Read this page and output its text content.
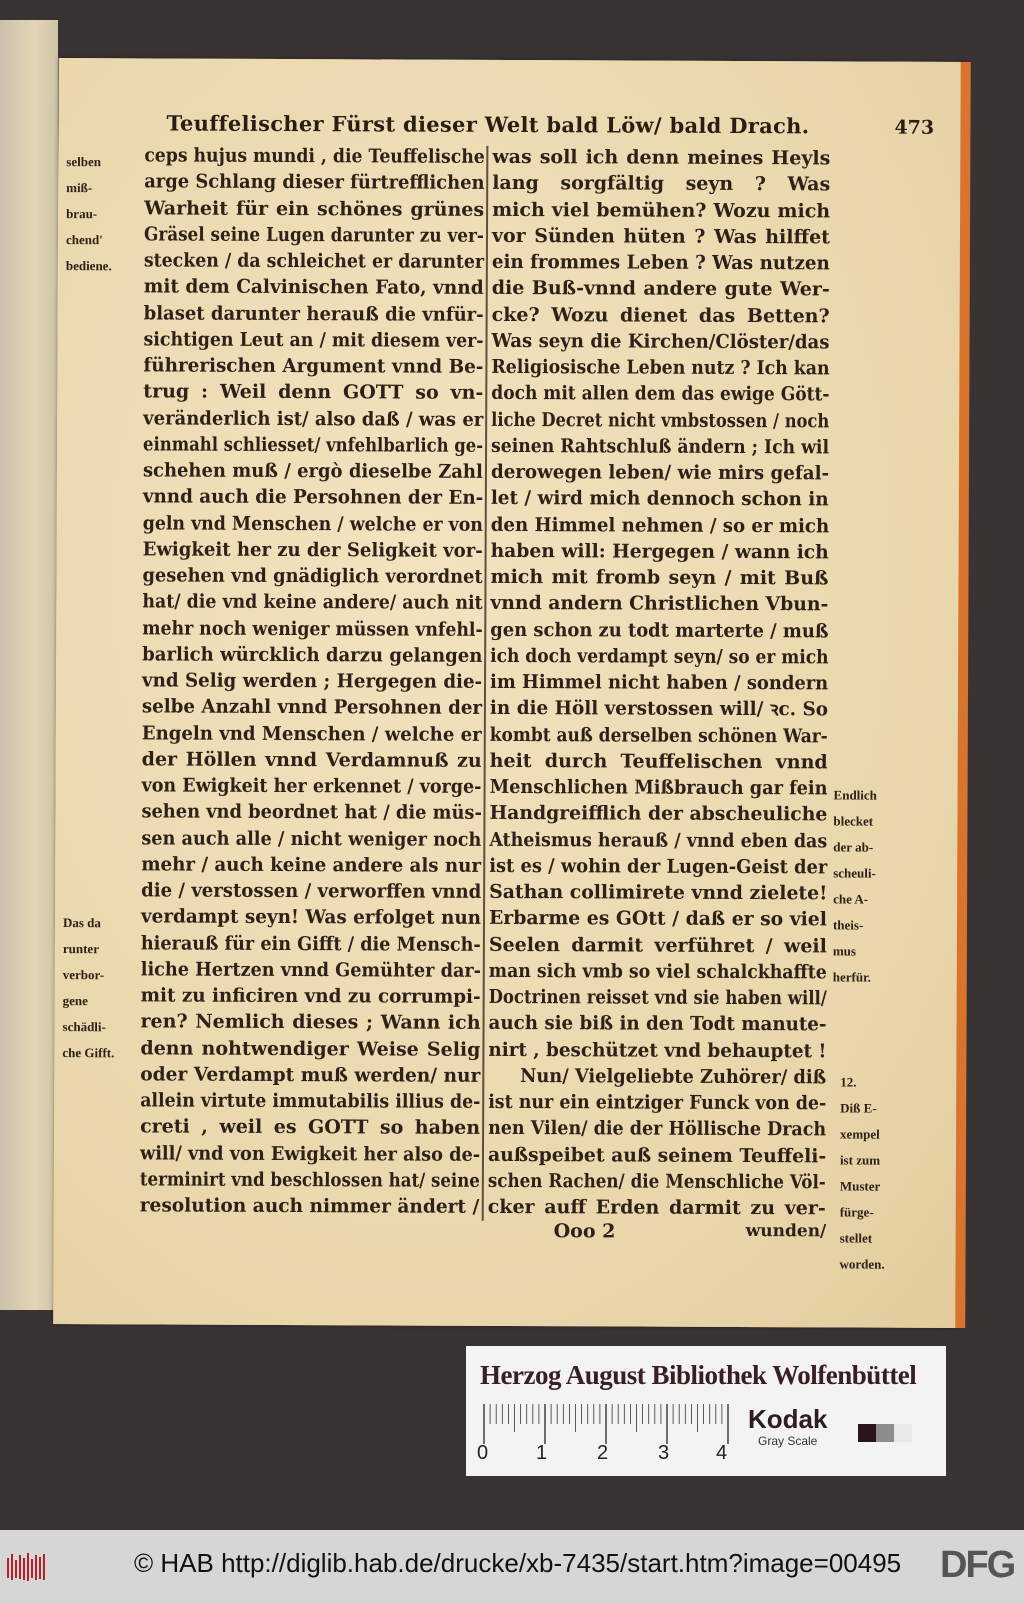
Teuffelischer Fürst dieser Welt bald Löw/ bald Drach.	473
selben
miß-
brau-
chend'
bediene.
Das da
runter
verbor-
gene
schädli-
che Gifft.
Endlich
blecket
der ab-
scheuli-
che A-
theis-
mus
herfür.
12.
Diß E-
xempel
ist zum
Muster
fürge-
stellet
worden.
ceps hujus mundi , die Teuffelische
arge Schlang dieser fürtrefflichen
Warheit für ein schönes grünes
Gräsel seine Lugen darunter zu ver-
stecken / da schleichet er darunter
mit dem Calvinischen Fato, vnnd
blaset darunter herauß die vnfür-
sichtigen Leut an / mit diesem ver-
führerischen Argument vnnd Be-
trug : Weil denn GOTT so vn-
veränderlich ist/ also daß / was er
einmahl schliesset/ vnfehlbarlich ge-
schehen muß / ergò dieselbe Zahl
vnnd auch die Persohnen der En-
geln vnd Menschen / welche er von
Ewigkeit her zu der Seligkeit vor-
gesehen vnd gnädiglich verordnet
hat/ die vnd keine andere/ auch nit
mehr noch weniger müssen vnfehl-
barlich würcklich darzu gelangen
vnd Selig werden ; Hergegen die-
selbe Anzahl vnnd Persohnen der
Engeln vnd Menschen / welche er
der Höllen vnnd Verdamnuß zu
von Ewigkeit her erkennet / vorge-
sehen vnd beordnet hat / die müs-
sen auch alle / nicht weniger noch
mehr / auch keine andere als nur
die / verstossen / verworffen vnnd
verdampt seyn! Was erfolget nun
hierauß für ein Gifft / die Mensch-
liche Hertzen vnnd Gemühter dar-
mit zu inficiren vnd zu corrumpi-
ren? Nemlich dieses ; Wann ich
denn nohtwendiger Weise Selig
oder Verdampt muß werden/ nur
allein virtute immutabilis illius de-
creti , weil es GOTT so haben
will/ vnd von Ewigkeit her also de-
terminirt vnd beschlossen hat/ seine
resolution auch nimmer ändert /
was soll ich denn meines Heyls
lang sorgfältig seyn ? Was
mich viel bemühen? Wozu mich
vor Sünden hüten ? Was hilffet
ein frommes Leben ? Was nutzen
die Buß-vnnd andere gute Wer-
cke? Wozu dienet das Betten?
Was seyn die Kirchen/Clöster/das
Religiosische Leben nutz ? Ich kan
doch mit allen dem das ewige Gött-
liche Decret nicht vmbstossen / noch
seinen Rahtschluß ändern ; Ich wil
derowegen leben/ wie mirs gefal-
let / wird mich dennoch schon in
den Himmel nehmen / so er mich
haben will: Hergegen / wann ich
mich mit fromb seyn / mit Buß
vnnd andern Christlichen Vbun-
gen schon zu todt marterte / muß
ich doch verdampt seyn/ so er mich
im Himmel nicht haben / sondern
in die Höll verstossen will/ ꝛc. So
kombt auß derselben schönen War-
heit durch Teuffelischen vnnd
Menschlichen Mißbrauch gar fein
Handgreifflich der abscheuliche
Atheismus herauß / vnnd eben das
ist es / wohin der Lugen-Geist der
Sathan collimirete vnnd zielete!
Erbarme es GOtt / daß er so viel
Seelen darmit verführet / weil
man sich vmb so viel schalckhaffte
Doctrinen reisset vnd sie haben will/
auch sie biß in den Todt manute-
nirt , beschützet vnd behauptet !
Nun/ Vielgeliebte Zuhörer/ diß
ist nur ein eintziger Funck von de-
nen Vilen/ die der Höllische Drach
außspeibet auß seinem Teuffeli-
schen Rachen/ die Menschliche Völ-
cker auff Erden darmit zu ver-
Ooo 2	wunden/
Herzog August Bibliothek Wolfenbüttel
0 1 2 3 4
Kodak
Gray Scale
© HAB http://diglib.hab.de/drucke/xb-7435/start.htm?image=00495 DFG
